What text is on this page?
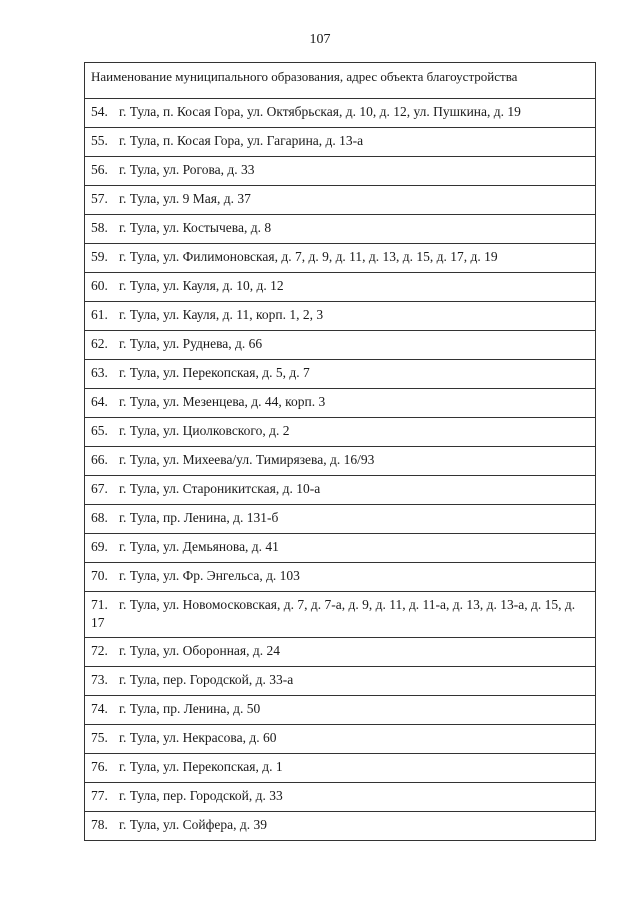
107
Наименование муниципального образования, адрес объекта благоустройства
54. г. Тула, п. Косая Гора, ул. Октябрьская, д. 10, д. 12, ул. Пушкина, д. 19
55. г. Тула, п. Косая Гора, ул. Гагарина, д. 13-а
56. г. Тула, ул. Рогова, д. 33
57. г. Тула, ул. 9 Мая, д. 37
58. г. Тула, ул. Костычева, д. 8
59. г. Тула, ул. Филимоновская, д. 7, д. 9, д. 11, д. 13, д. 15, д. 17, д. 19
60. г. Тула, ул. Кауля, д. 10, д. 12
61. г. Тула, ул. Кауля, д. 11, корп. 1, 2, 3
62. г. Тула, ул. Руднева, д. 66
63. г. Тула, ул. Перекопская, д. 5, д. 7
64. г. Тула, ул. Мезенцева, д. 44, корп. 3
65. г. Тула, ул. Циолковского, д. 2
66. г. Тула, ул. Михеева/ул. Тимирязева, д. 16/93
67. г. Тула, ул. Староникитская, д. 10-а
68. г. Тула, пр. Ленина, д. 131-б
69. г. Тула, ул. Демьянова, д. 41
70. г. Тула, ул. Фр. Энгельса, д. 103
71. г. Тула, ул. Новомосковская, д. 7, д. 7-а, д. 9, д. 11, д. 11-а, д. 13, д. 13-а, д. 15, д. 17
72. г. Тула, ул. Оборонная, д. 24
73. г. Тула, пер. Городской, д. 33-а
74. г. Тула, пр. Ленина, д. 50
75. г. Тула, ул. Некрасова, д. 60
76. г. Тула, ул. Перекопская, д. 1
77. г. Тула, пер. Городской, д. 33
78. г. Тула, ул. Сойфера, д. 39
